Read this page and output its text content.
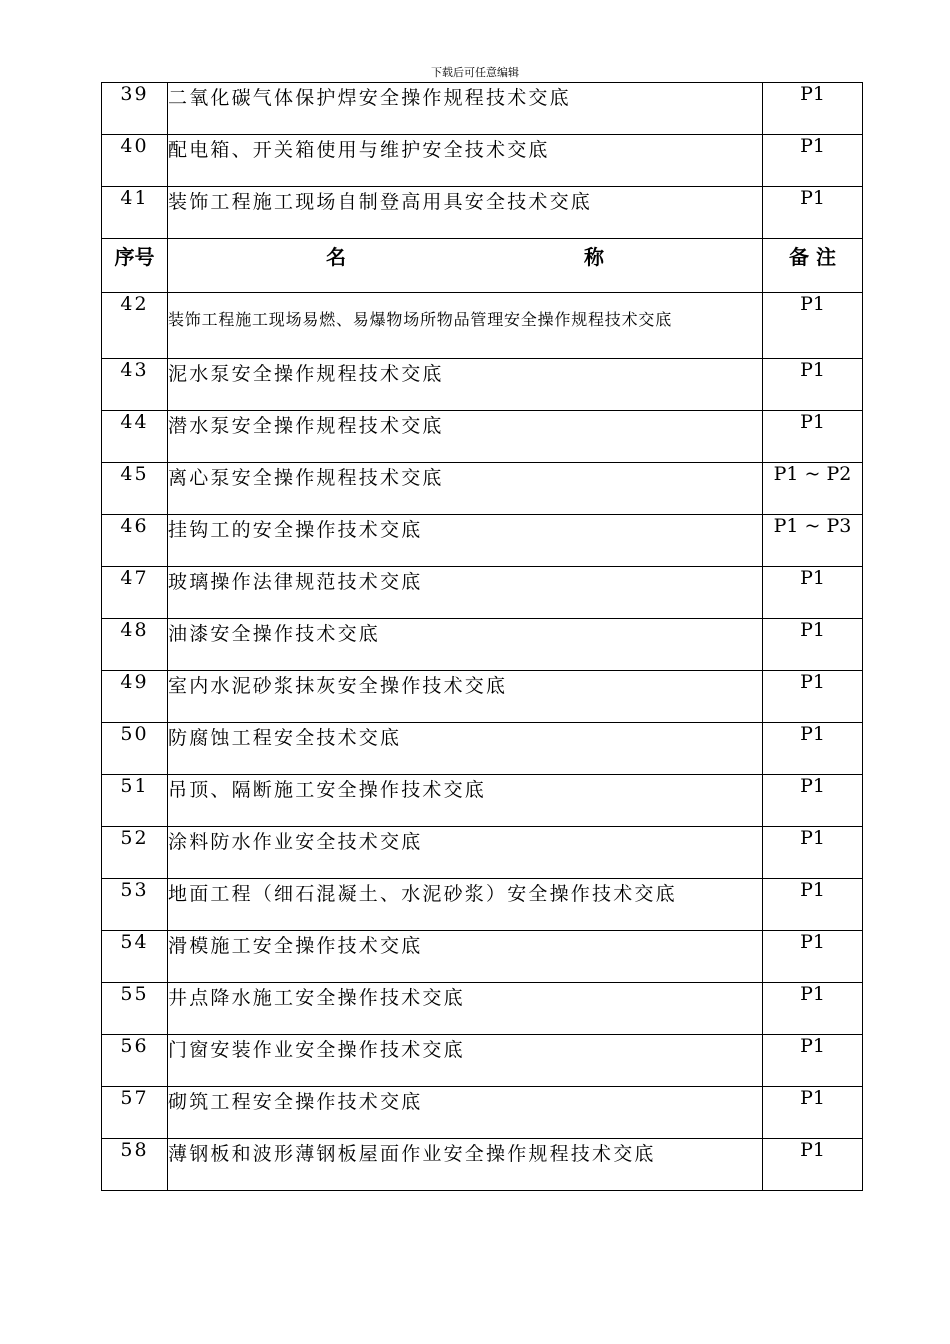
下载后可任意编辑
39	二氧化碳气体保护焊安全操作规程技术交底	P1
40	配电箱、开关箱使用与维护安全技术交底	P1
41	装饰工程施工现场自制登高用具安全技术交底	P1
序号	名 称	备 注
42	装饰工程施工现场易燃、易爆物场所物品管理安全操作规程技术交底	P1
43	泥水泵安全操作规程技术交底	P1
44	潜水泵安全操作规程技术交底	P1
45	离心泵安全操作规程技术交底	P1 ~ P2
46	挂钩工的安全操作技术交底	P1 ~ P3
47	玻璃操作法律规范技术交底	P1
48	油漆安全操作技术交底	P1
49	室内水泥砂浆抹灰安全操作技术交底	P1
50	防腐蚀工程安全技术交底	P1
51	吊顶、隔断施工安全操作技术交底	P1
52	涂料防水作业安全技术交底	P1
53	地面工程（细石混凝土、水泥砂浆）安全操作技术交底	P1
54	滑模施工安全操作技术交底	P1
55	井点降水施工安全操作技术交底	P1
56	门窗安装作业安全操作技术交底	P1
57	砌筑工程安全操作技术交底	P1
58	薄钢板和波形薄钢板屋面作业安全操作规程技术交底	P1
